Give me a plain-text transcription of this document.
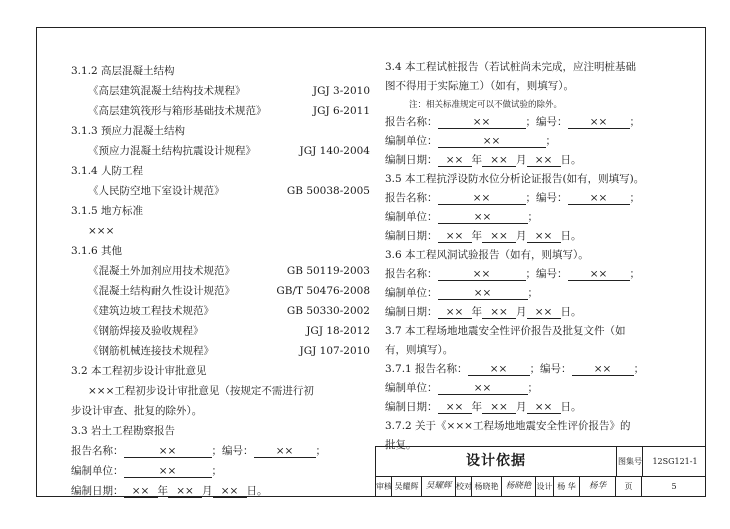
3.1.2 高层混凝土结构
《高层建筑混凝土结构技术规程》	JGJ 3-2010
《高层建筑筏形与箱形基础技术规范》	JGJ 6-2011
3.1.3 预应力混凝土结构
《预应力混凝土结构抗震设计规程》	JGJ 140-2004
3.1.4 人防工程
《人民防空地下室设计规范》	GB 50038-2005
3.1.5 地方标准
×××
3.1.6 其他
《混凝土外加剂应用技术规范》	GB 50119-2003
《混凝土结构耐久性设计规范》	GB/T 50476-2008
《建筑边坡工程技术规范》	GB 50330-2002
《钢筋焊接及验收规程》	JGJ 18-2012
《钢筋机械连接技术规程》	JGJ 107-2010
3.2 本工程初步设计审批意见
×××工程初步设计审批意见（按规定不需进行初
步设计审查、批复的除外）。
3.3 岩土工程勘察报告
报告名称：	××	；编号： ×× ；
编制单位：	××	；
编制日期： ×× 年 ×× 月 ×× 日。
3.4 本工程试桩报告（若试桩尚未完成，应注明桩基础
图不得用于实际施工）（如有，则填写）。
注：相关标准规定可以不做试验的除外。
报告名称：	××	；编号： ×× ；
编制单位：	××	；
编制日期： ×× 年 ×× 月 ×× 日。
3.5 本工程抗浮设防水位分析论证报告(如有，则填写)。
报告名称：	××	；编号： ×× ；
编制单位：	××	；
编制日期： ×× 年 ×× 月 ×× 日。
3.6 本工程风洞试验报告（如有，则填写）。
报告名称：	××	；编号： ×× ；
编制单位：	××	；
编制日期： ×× 年 ×× 月 ×× 日。
3.7 本工程场地地震安全性评价报告及批复文件（如
有，则填写）。
3.7.1 报告名称： ×× ；编号： ×× ；
编制单位：	××	；
编制日期： ×× 年 ×× 月 ×× 日。
3.7.2 关于《×××工程场地地震安全性评价报告》的
批复。
设计依据	图集号	12SG121-1
审核 吴耀辉 吴耀辉 校对 杨晓艳 杨晓艳 设计 杨 华	杨华	页	5
